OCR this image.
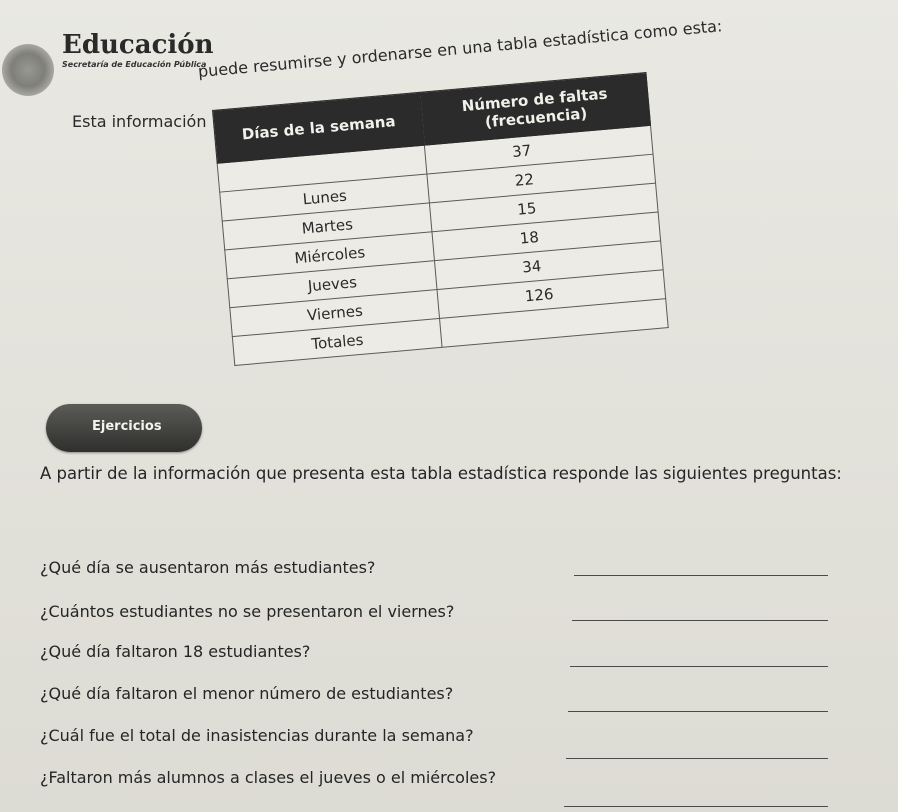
Educación
Secretaría de Educación Pública
Esta información
puede resumirse y ordenarse en una tabla estadística como esta:
Días de la semana	Número de faltas (frecuencia)
	37
Lunes	22
Martes	15
Miércoles	18
Jueves	34
Viernes	126
Totales	
Ejercicios
A partir de la información que presenta esta tabla estadística responde las siguientes preguntas:
¿Qué día se ausentaron más estudiantes?
¿Cuántos estudiantes no se presentaron el viernes?
¿Qué día faltaron 18 estudiantes?
¿Qué día faltaron el menor número de estudiantes?
¿Cuál fue el total de inasistencias durante la semana?
¿Faltaron más alumnos a clases el jueves o el miércoles?
